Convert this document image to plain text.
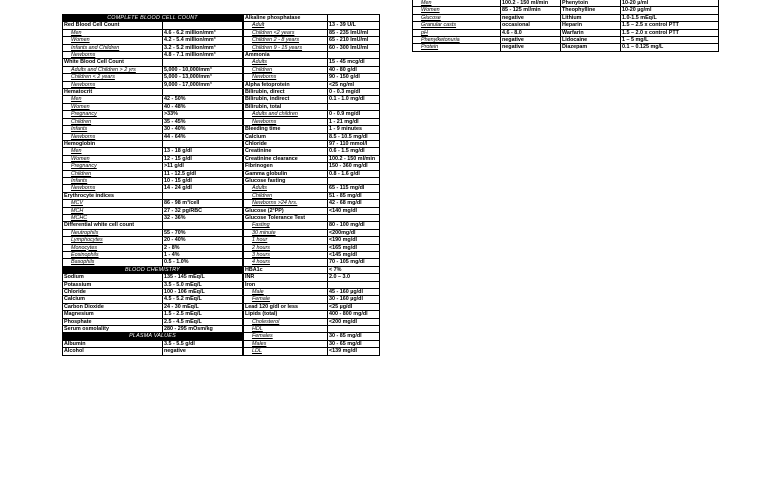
COMPLETE BLOOD CELL COUNT	
Red Blood Cell Count	
Men	4.6 - 6.2 million/mm³
Women	4.2 - 5.4 million/mm³
Infants and Children	3.2 - 5.2 million/mm³
Newborns	4.8 - 7.1 million/mm³
White Blood Cell Count	
Adults and Children > 2 yrs	5,000 - 10,000/mm³
Children < 2 years	5,000 - 13,000/mm³
Newborns	9,000 - 17,000/mm³
Hematocrit	
Men	42 - 50%
Women	40 - 48%
Pregnancy	>33%
Children	35 - 45%
Infants	30 - 40%
Newborns	44 - 64%
Hemoglobin	
Men	13 - 18 g/dl
Women	12 - 15 g/dl
Pregnancy	>11 g/dl
Children	11 - 12.5 g/dl
Infants	10 - 15 g/dl
Newborns	14 - 24 g/dl
Erythrocyte indices	
MCV	86 - 98 m³/cell
MCH	27 - 32 pg/RBC
MCHC	32 - 36%
Differential white cell count	
Neutrophils	55 - 70%
Lymphocytes	20 - 40%
Monocytes	2 - 8%
Eosinophils	1 - 4%
Basophils	0.5 - 1.0%
BLOOD CHEMISTRY	
Sodium	135 - 145 mEq/L
Potassium	3.5 - 5.0 mEq/L
Chloride	100 - 106 mEq/L
Calcium	4.5 - 5.2 mEq/L
Carbon Dioxide	24 - 30 mEq/L
Magnesium	1.5 - 2.5 mEq/L
Phosphate	2.5 - 4.5 mEq/L
Serum osmolality	280 - 295 mOsm/kg
PLASMA VALUES	
Albumin	3.5 - 5.5 g/dl
Alcohol	negative
Alkaline phosphatase	
Adult	13 - 39 U/L
Children <2 years	85 - 235 ImU/ml
Children 2 - 8 years	65 - 210 ImU/ml
Children 9 - 15 years	60 - 300 ImU/ml
Ammonia	
Adults	15 - 45 mcg/dl
Children	40 - 80 g/dl
Newborns	90 - 150 g/dl
Alpha fetoprotein	<25 ng/ml
Bilirubin, direct	0 - 0.3 mg/dl
Bilirubin, indirect	0.1 - 1.0 mg/dl
Bilirubin, total	
Adults and children	0 - 0.9 mg/dl
Newborns	1 - 21 mg/dl
Bleeding time	1 - 9 minutes
Calcium	8.5 - 10.5 mg/dl
Chloride	97 - 110 mmol/l
Creatinine	0.6 - 1.5 mg/dl
Creatinine clearance	100.2 - 150 ml/min
Fibrinogen	150 - 360 mg/dl
Gamma globulin	0.8 - 1.6 g/dl
Glucose fasting	
Adults	65 - 115 mg/dl
Children	51 - 85 mg/dl
Newborns >24 hrs.	42 - 68 mg/dl
Glucose (2°PP)	<140 mg/dl
Glucose Tolerance Test	
Fasting	80 - 100 mg/dl
30 minute	<200mg/dl
1 hour	<190 mg/dl
2 hours	<165 mg/dl
3 hours	<145 mg/dl
4 hours	70 - 105 mg/dl
HBA1c	< 7%
INR	2.0 – 3.0
Iron	
Male	45 - 160 µg/dl
Female	30 - 160 µg/dl
Lead 120 g/dl or less	<25 µg/dl
Lipids (total)	400 - 800 mg/dl
Cholesterol	<200 mg/dl
HDL	
Females	30 - 85 mg/dl
Males	30 - 65 mg/dl
LDL	<139 mg/dl
Men	100.2 - 150 ml/min	Phenytoin	10-20 µ/ml
Women	85 - 125 ml/min	Theophylline	10-20 µg/ml
Glucose	negative	Lithium	1.0-1.5 mEq/L
Granular casts	occasional	Heparin	1.5 – 2.5 x control PTT
pH	4.6 - 8.0	Warfarin	1.5 – 2.0 x control PTT
Phenylketonuria	negative	Lidocaine	1 – 5 mg/L
Protein	negative	Diazepam	0.1 – 0.125 mg/L
